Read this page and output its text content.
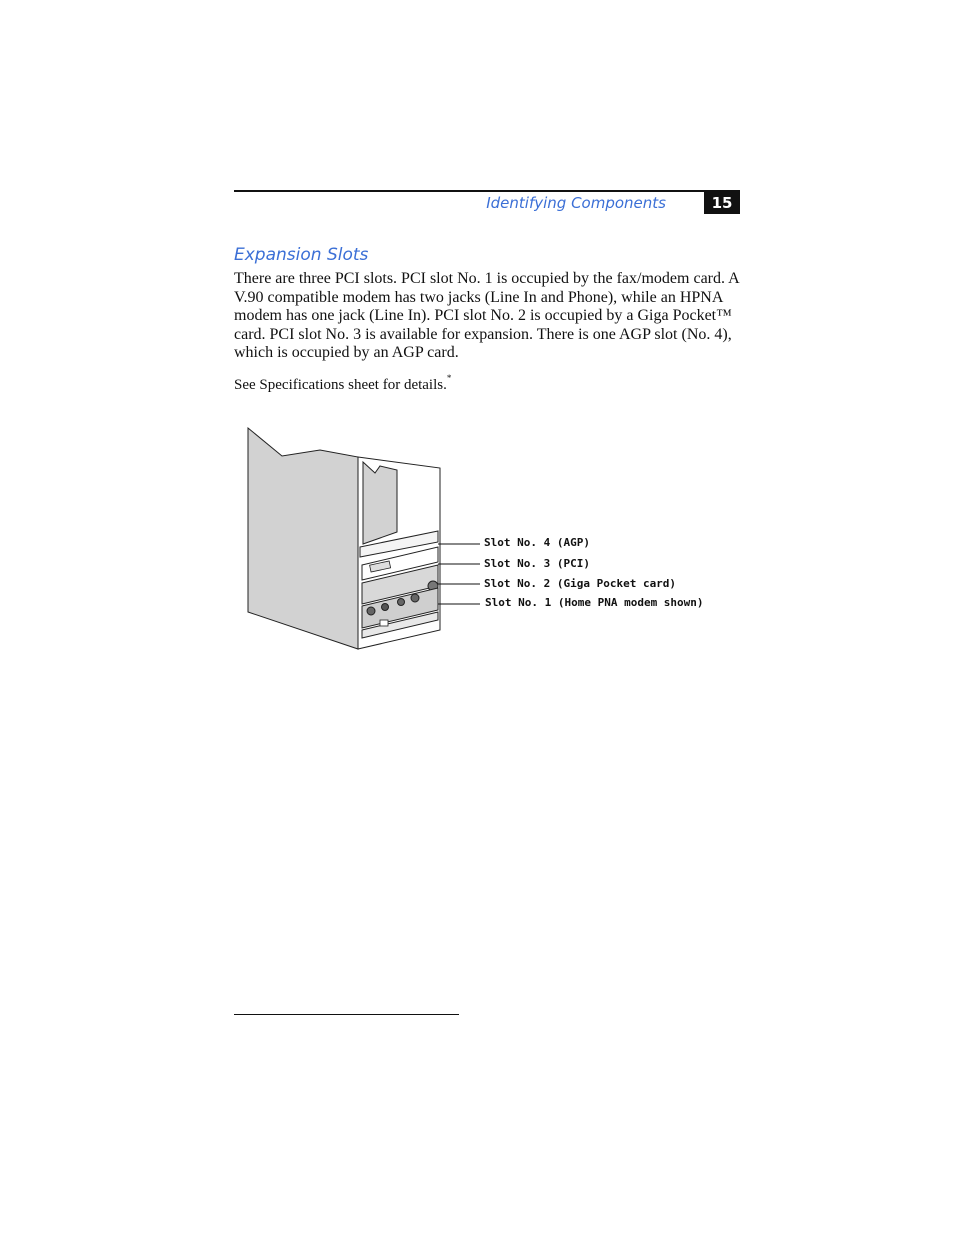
Identifying Components	15
Expansion Slots

There are three PCI slots. PCI slot No. 1 is occupied by the fax/modem card. A V.90 compatible modem has two jacks (Line In and Phone), while an HPNA modem has one jack (Line In). PCI slot No. 2 is occupied by a Giga Pocket™ card. PCI slot No. 3 is available for expansion. There is one AGP slot (No. 4), which is occupied by an AGP card.

See Specifications sheet for details.*

Slot No. 4 (AGP)
Slot No. 3 (PCI)
Slot No. 2 (Giga Pocket card)
Slot No. 1 (Home PNA modem shown)
